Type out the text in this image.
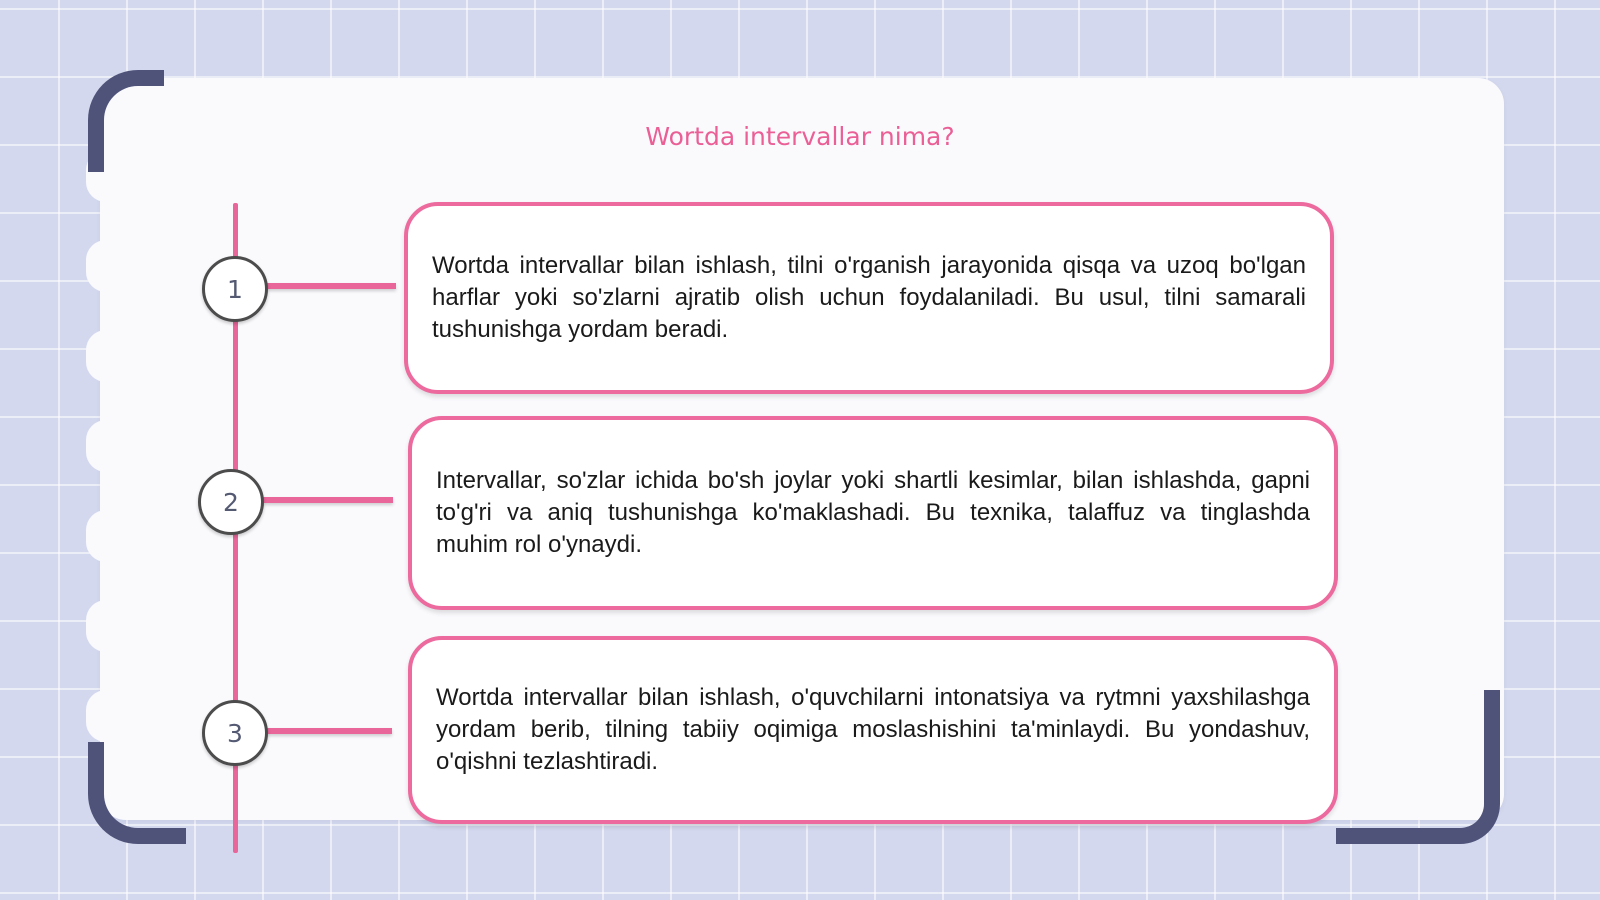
Wortda intervallar nima?
1
2
3

Wortda intervallar bilan ishlash, tilni o'rganish jarayonida qisqa va uzoq bo'lgan harflar yoki so'zlarni ajratib olish uchun foydalaniladi. Bu usul, tilni samarali tushunishga yordam beradi.

Intervallar, so'zlar ichida bo'sh joylar yoki shartli kesimlar, bilan ishlashda, gapni to'g'ri va aniq tushunishga ko'maklashadi. Bu texnika, talaffuz va tinglashda muhim rol o'ynaydi.

Wortda intervallar bilan ishlash, o'quvchilarni intonatsiya va rytmni yaxshilashga yordam berib, tilning tabiiy oqimiga moslashishini ta'minlaydi. Bu yondashuv, o'qishni tezlashtiradi.
